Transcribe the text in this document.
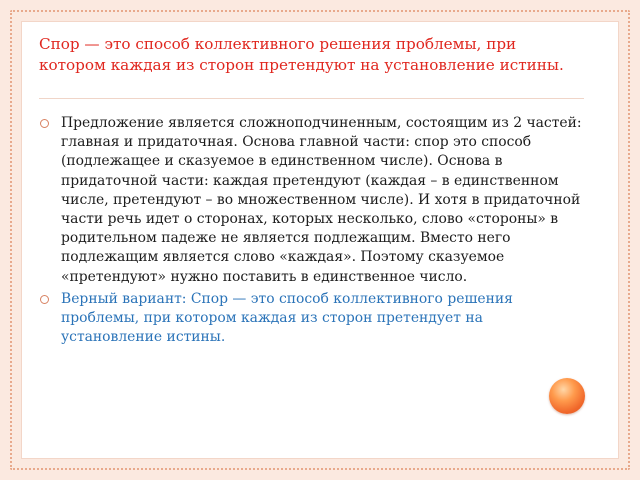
Спор — это способ коллективного решения проблемы, при котором каждая из сторон претендуют на установление истины.
Предложение является сложноподчиненным, состоящим из 2 частей: главная и придаточная. Основа главной части: спор это способ (подлежащее и сказуемое в единственном числе). Основа в придаточной части: каждая претендуют (каждая – в единственном числе, претендуют – во множественном числе). И хотя в придаточной части речь идет о сторонах, которых несколько, слово «стороны» в родительном падеже не является подлежащим. Вместо него подлежащим является слово «каждая». Поэтому сказуемое «претендуют» нужно поставить в единственное число.
Верный вариант: Спор — это способ коллективного решения проблемы, при котором каждая из сторон претендует на установление истины.
